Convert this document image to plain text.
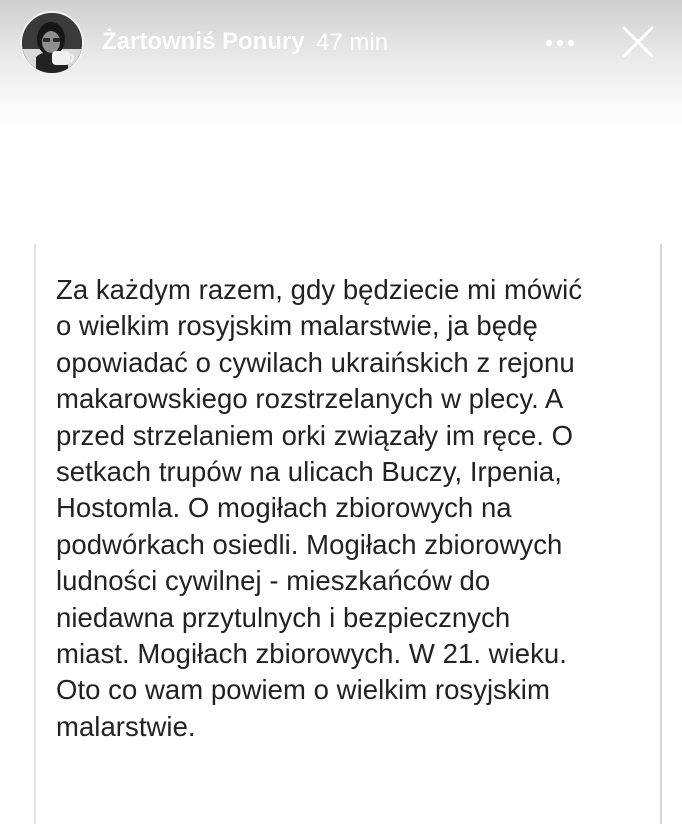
Żartowniś Ponury 47 min

Za każdym razem, gdy będziecie mi mówić
o wielkim rosyjskim malarstwie, ja będę
opowiadać o cywilach ukraińskich z rejonu
makarowskiego rozstrzelanych w plecy. A
przed strzelaniem orki związały im ręce. O
setkach trupów na ulicach Buczy, Irpenia,
Hostomla. O mogiłach zbiorowych na
podwórkach osiedli. Mogiłach zbiorowych
ludności cywilnej - mieszkańców do
niedawna przytulnych i bezpiecznych
miast. Mogiłach zbiorowych. W 21. wieku.
Oto co wam powiem o wielkim rosyjskim
malarstwie.
